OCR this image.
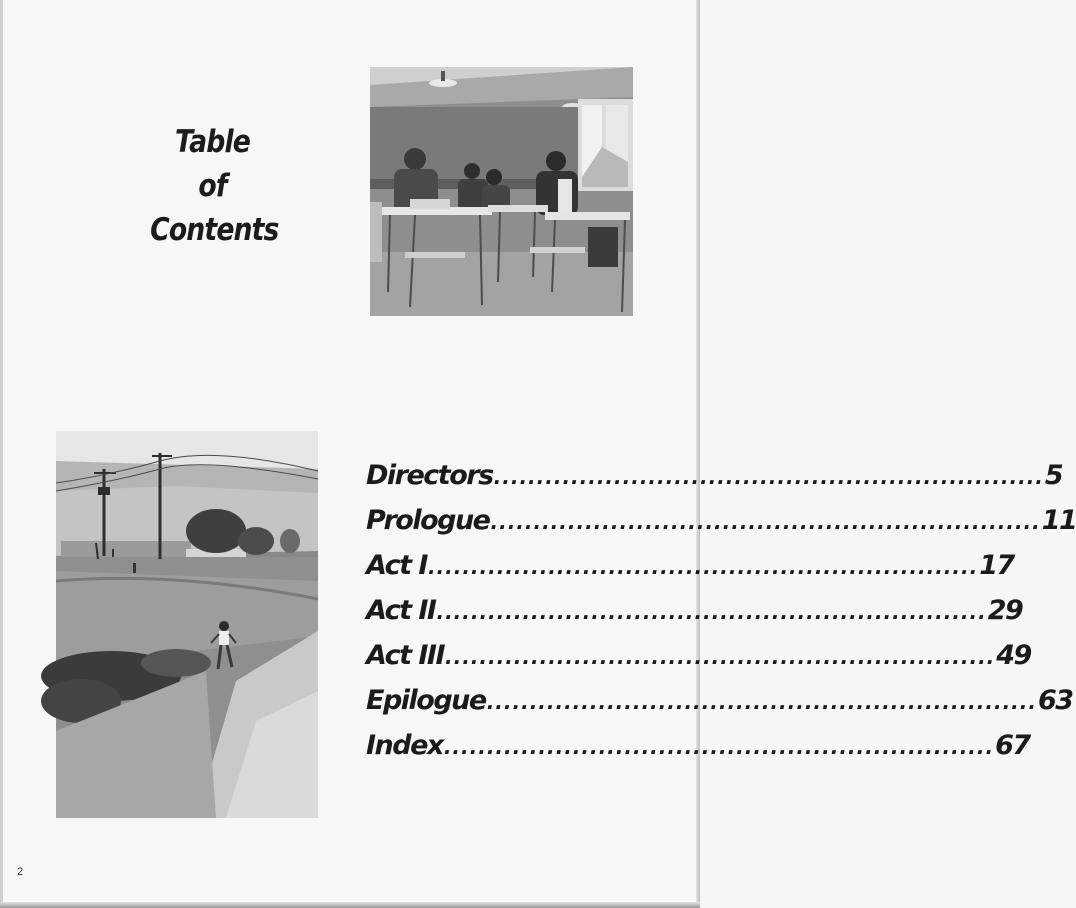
Table
of
Contents
Directors ................................................................ 5
Prologue ................................................................ 11
Act I ................................................................ 17
Act II ................................................................ 29
Act III ................................................................ 49
Epilogue ................................................................ 63
Index ................................................................ 67
2
